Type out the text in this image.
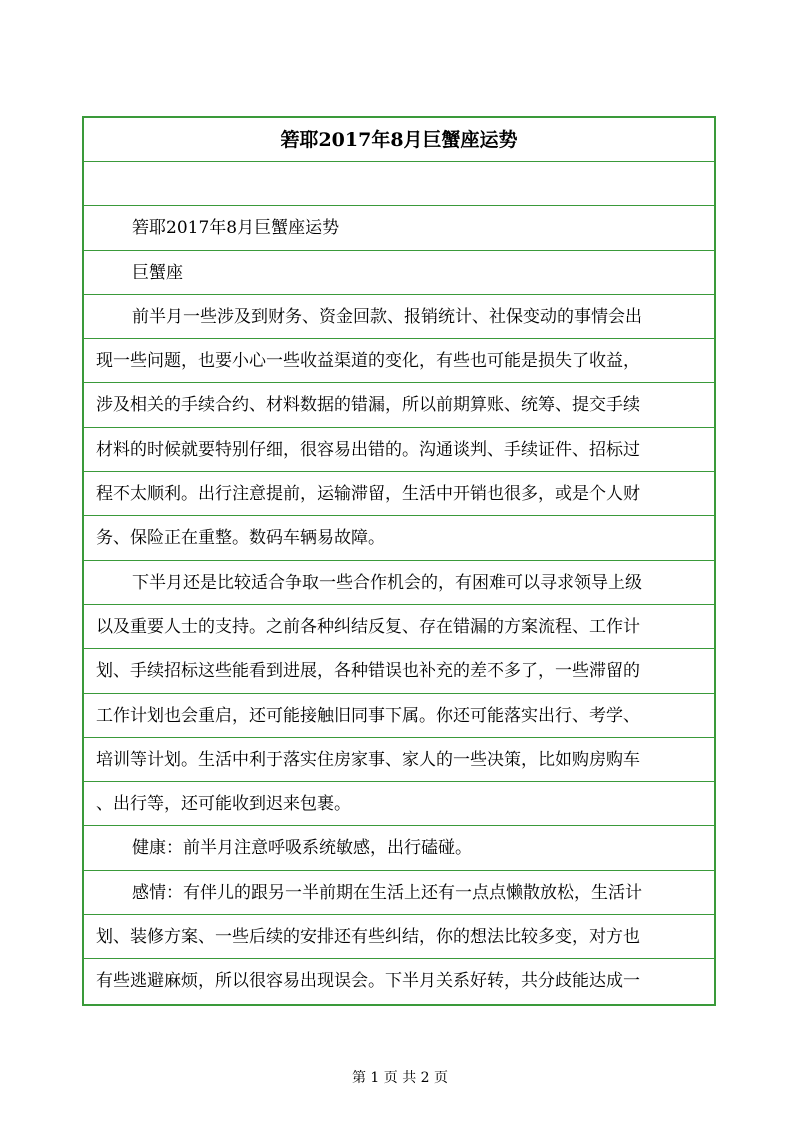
箬耶2017年8月巨蟹座运势
箬耶2017年8月巨蟹座运势
巨蟹座
前半月一些涉及到财务、资金回款、报销统计、社保变动的事情会出
现一些问题，也要小心一些收益渠道的变化，有些也可能是损失了收益，
涉及相关的手续合约、材料数据的错漏，所以前期算账、统筹、提交手续
材料的时候就要特别仔细，很容易出错的。沟通谈判、手续证件、招标过
程不太顺利。出行注意提前，运输滞留，生活中开销也很多，或是个人财
务、保险正在重整。数码车辆易故障。
下半月还是比较适合争取一些合作机会的，有困难可以寻求领导上级
以及重要人士的支持。之前各种纠结反复、存在错漏的方案流程、工作计
划、手续招标这些能看到进展，各种错误也补充的差不多了，一些滞留的
工作计划也会重启，还可能接触旧同事下属。你还可能落实出行、考学、
培训等计划。生活中利于落实住房家事、家人的一些决策，比如购房购车
、出行等，还可能收到迟来包裹。
健康：前半月注意呼吸系统敏感，出行磕碰。
感情：有伴儿的跟另一半前期在生活上还有一点点懒散放松，生活计
划、装修方案、一些后续的安排还有些纠结，你的想法比较多变，对方也
有些逃避麻烦，所以很容易出现误会。下半月关系好转，共分歧能达成一
第 1 页 共 2 页
